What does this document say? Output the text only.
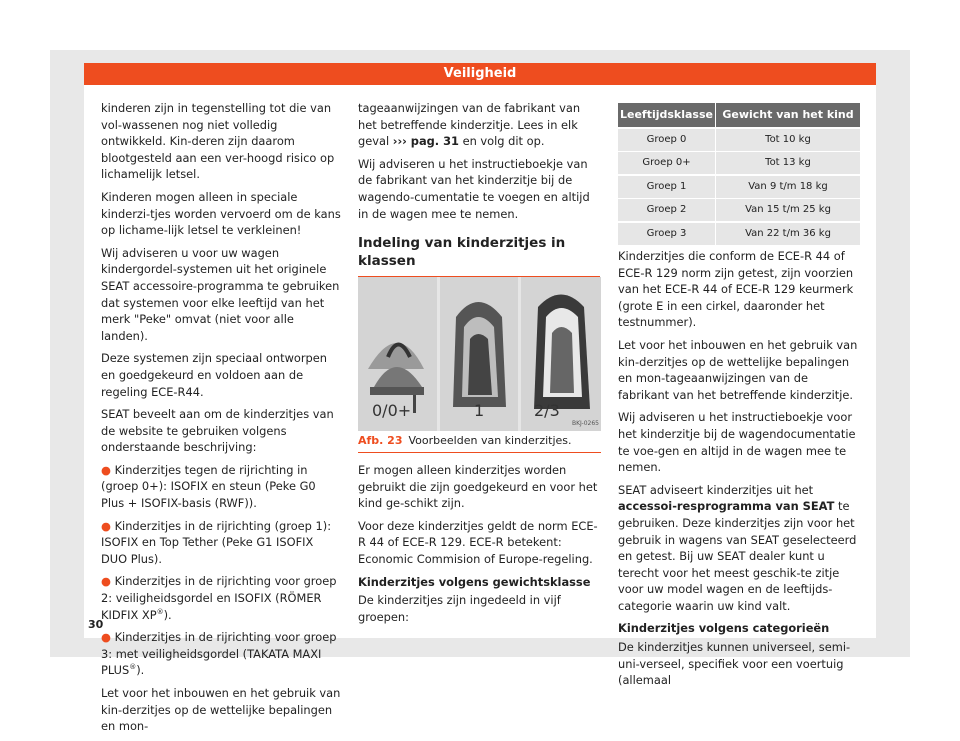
Veiligheid

kinderen zijn in tegenstelling tot die van vol-wassenen nog niet volledig ontwikkeld. Kin-deren zijn daarom blootgesteld aan een ver-hoogd risico op lichamelijk letsel.

Kinderen mogen alleen in speciale kinderzi-tjes worden vervoerd om de kans op lichame-lijk letsel te verkleinen!

Wij adviseren u voor uw wagen kindergordel-systemen uit het originele SEAT accessoire-programma te gebruiken dat systemen voor elke leeftijd van het merk "Peke" omvat (niet voor alle landen).

Deze systemen zijn speciaal ontworpen en goedgekeurd en voldoen aan de regeling ECE-R44.

SEAT beveelt aan om de kinderzitjes van de website te gebruiken volgens onderstaande beschrijving:

● Kinderzitjes tegen de rijrichting in (groep 0+): ISOFIX en steun (Peke G0 Plus + ISOFIX-basis (RWF)).
● Kinderzitjes in de rijrichting (groep 1): ISOFIX en Top Tether (Peke G1 ISOFIX DUO Plus).
● Kinderzitjes in de rijrichting voor groep 2: veiligheidsgordel en ISOFIX (RÖMER KIDFIX XP®).
● Kinderzitjes in de rijrichting voor groep 3: met veiligheidsgordel (TAKATA MAXI PLUS®).

Let voor het inbouwen en het gebruik van kin-derzitjes op de wettelijke bepalingen en mon-

tageaanwijzingen van de fabrikant van het betreffende kinderzitje. Lees in elk geval ››› pag. 31 en volg dit op.

Wij adviseren u het instructieboekje van de fabrikant van het kinderzitje bij de wagendo-cumentatie te voegen en altijd in de wagen mee te nemen.

Indeling van kinderzitjes in klassen
0/0+	1	2/3
BKJ-0265
Afb. 23 Voorbeelden van kinderzitjes.

Er mogen alleen kinderzitjes worden gebruikt die zijn goedgekeurd en voor het kind ge-schikt zijn.

Voor deze kinderzitjes geldt de norm ECE-R 44 of ECE-R 129. ECE-R betekent: Economic Commision of Europe-regeling.

Kinderzitjes volgens gewichtsklasse

De kinderzitjes zijn ingedeeld in vijf groepen:

Leeftijdsklasse Gewicht van het kind
Groep 0	Tot 10 kg
Groep 0+	Tot 13 kg
Groep 1	Van 9 t/m 18 kg
Groep 2	Van 15 t/m 25 kg
Groep 3	Van 22 t/m 36 kg

Kinderzitjes die conform de ECE-R 44 of ECE-R 129 norm zijn getest, zijn voorzien van het ECE-R 44 of ECE-R 129 keurmerk (grote E in een cirkel, daaronder het testnummer).

Let voor het inbouwen en het gebruik van kin-derzitjes op de wettelijke bepalingen en mon-tageaanwijzingen van de fabrikant van het betreffende kinderzitje.

Wij adviseren u het instructieboekje voor het kinderzitje bij de wagendocumentatie te voe-gen en altijd in de wagen mee te nemen.

SEAT adviseert kinderzitjes uit het accessoi-resprogramma van SEAT te gebruiken. Deze kinderzitjes zijn voor het gebruik in wagens van SEAT geselecteerd en getest. Bij uw SEAT dealer kunt u terecht voor het meest geschik-te zitje voor uw model wagen en de leeftijds-categorie waarin uw kind valt.

Kinderzitjes volgens categorieën

De kinderzitjes kunnen universeel, semi-uni-verseel, specifiek voor een voertuig (allemaal

30
